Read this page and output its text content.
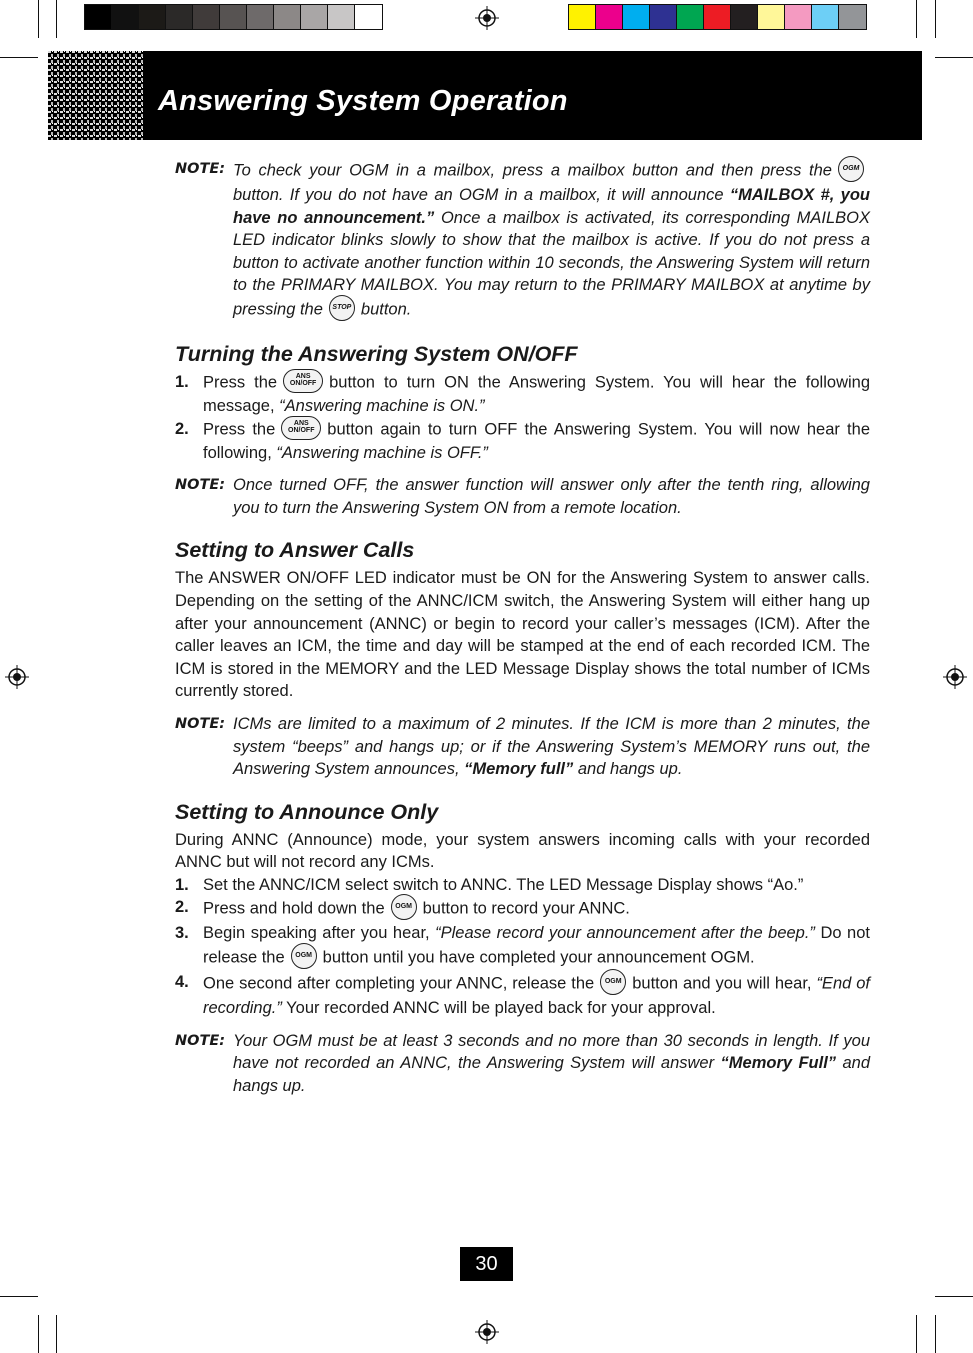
Answering System Operation
NOTE: To check your OGM in a mailbox, press a mailbox button and then press the	OGM
button. If you do not have an OGM in a mailbox, it will announce “MAILBOX #, you have no announcement.” Once a mailbox is activated, its corresponding MAILBOX LED indicator blinks slowly to show that the mailbox is active. If you do not press a button to activate another function within 10 seconds, the Answering System will return to the PRIMARY MAILBOX. You may return to the PRIMARY MAILBOX at anytime by pressing the	STOP button.
Turning the Answering System ON/OFF
1. Press the	ANS
ON/OFF button to turn ON the Answering System. You will hear the following message, “Answering machine is ON.”
2. Press the	ANS
ON/OFF button again to turn OFF the Answering System. You will now hear the following, “Answering machine is OFF.”
NOTE: Once turned OFF, the answer function will answer only after the tenth ring, allowing you to turn the Answering System ON from a remote location.
Setting to Answer Calls
The ANSWER ON/OFF LED indicator must be ON for the Answering System to answer calls. Depending on the setting of the ANNC/ICM switch, the Answering System will either hang up after your announcement (ANNC) or begin to record your caller’s messages (ICM). After the caller leaves an ICM, the time and day will be stamped at the end of each recorded ICM. The ICM is stored in the MEMORY and the LED Message Display shows the total number of ICMs currently stored.
NOTE: ICMs are limited to a maximum of 2 minutes. If the ICM is more than 2 minutes, the system “beeps” and hangs up; or if the Answering System’s MEMORY runs out, the Answering System announces, “Memory full” and hangs up.
Setting to Announce Only
During ANNC (Announce) mode, your system answers incoming calls with your recorded ANNC but will not record any ICMs.
1. Set the ANNC/ICM select switch to ANNC. The LED Message Display shows “Ao.”
2. Press and hold down the	OGM button to record your ANNC.
3. Begin speaking after you hear, “Please record your announcement after the beep.” Do not release the	OGM button until you have completed your announcement OGM.
4. One second after completing your ANNC, release the	OGM button and you will hear, “End of recording.” Your recorded ANNC will be played back for your approval.
NOTE: Your OGM must be at least 3 seconds and no more than 30 seconds in length. If you have not recorded an ANNC, the Answering System will answer “Memory Full” and hangs up.
30
